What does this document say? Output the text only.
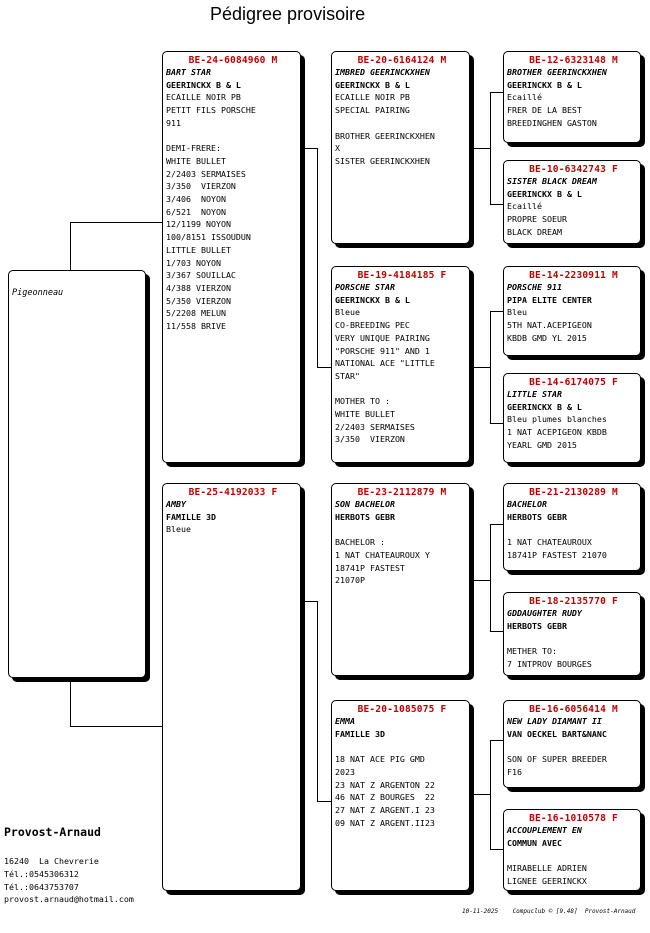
Pédigree provisoire
Pigeonneau
BE-24-6084960 M
BART STAR
GEERINCKX B & L
ECAILLE NOIR PB
PETIT FILS PORSCHE
911

DEMI-FRERE:
WHITE BULLET
2/2403 SERMAISES
3/350  VIERZON
3/406  NOYON
6/521  NOYON
12/1199 NOYON
100/8151 ISSOUDUN
LITTLE BULLET
1/703 NOYON
3/367 SOUILLAC
4/388 VIERZON
5/350 VIERZON
5/2208 MELUN
11/558 BRIVE
BE-25-4192033 F
AMBY
FAMILLE 3D
Bleue
BE-20-6164124 M
IMBRED GEERINCKXHEN
GEERINCKX B & L
ECAILLE NOIR PB
SPECIAL PAIRING

BROTHER GEERINCKXHEN
X
SISTER GEERINCKXHEN
BE-19-4184185 F
PORSCHE STAR
GEERINCKX B & L
Bleue
CO-BREEDING PEC
VERY UNIQUE PAIRING
"PORSCHE 911" AND 1
NATIONAL ACE "LITTLE
STAR"

MOTHER TO :
WHITE BULLET
2/2403 SERMAISES
3/350  VIERZON
BE-23-2112879 M
SON BACHELOR
HERBOTS GEBR

BACHELOR :
1 NAT CHATEAUROUX Y
18741P FASTEST
21070P
BE-20-1085075 F
EMMA
FAMILLE 3D

18 NAT ACE PIG GMD
2023
23 NAT Z ARGENTON 22
46 NAT Z BOURGES  22
27 NAT Z ARGENT.I 23
09 NAT Z ARGENT.II23
BE-12-6323148 M
BROTHER GEERINCKXHEN
GEERINCKX B & L
Ecaillé
FRER DE LA BEST
BREEDINGHEN GASTON
BE-10-6342743 F
SISTER BLACK DREAM
GEERINCKX B & L
Ecaillé
PROPRE SOEUR
BLACK DREAM
BE-14-2230911 M
PORSCHE 911
PIPA ELITE CENTER
Bleu
5TH NAT.ACEPIGEON
KBDB GMD YL 2015
BE-14-6174075 F
LITTLE STAR
GEERINCKX B & L
Bleu plumes blanches
1 NAT ACEPIGEON KBDB
YEARL GMD 2015
BE-21-2130289 M
BACHELOR
HERBOTS GEBR

1 NAT CHATEAUROUX
18741P FASTEST 21070
BE-18-2135770 F
GDDAUGHTER RUDY
HERBOTS GEBR

METHER TO:
7 INTPROV BOURGES
BE-16-6056414 M
NEW LADY DIAMANT II
VAN OECKEL BART&NANC

SON OF SUPER BREEDER
F16
BE-16-1010578 F
ACCOUPLEMENT EN
COMMUN AVEC

MIRABELLE ADRIEN
LIGNEE GEERINCKX
Provost-Arnaud
16240  La Chevrerie
Tél.:0545306312
Tél.:0643753707
provost.arnaud@hotmail.com
10-11-2025    Compuclub © [9.48]  Provost-Arnaud
